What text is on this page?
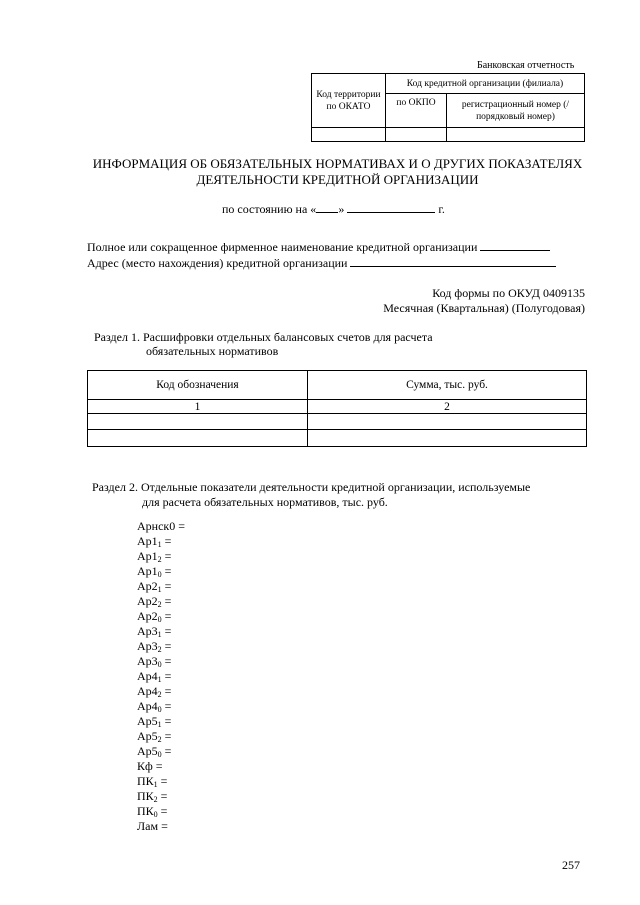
Банковская отчетность
Код территории по ОКАТО	Код кредитной организации (филиала)	
	по ОКПО	регистрационный номер (/порядковый номер)

ИНФОРМАЦИЯ ОБ ОБЯЗАТЕЛЬНЫХ НОРМАТИВАХ И О ДРУГИХ ПОКАЗАТЕЛЯХ
ДЕЯТЕЛЬНОСТИ КРЕДИТНОЙ ОРГАНИЗАЦИИ
по состоянию на « »	г.
Полное или сокращенное фирменное наименование кредитной организации
Адрес (место нахождения) кредитной организации
Код формы по ОКУД 0409135
Месячная (Квартальная) (Полугодовая)
Раздел 1. Расшифровки отдельных балансовых счетов для расчета
обязательных нормативов
Код обозначения	Сумма, тыс. руб.
1	2

Раздел 2. Отдельные показатели деятельности кредитной организации, используемые
для расчета обязательных нормативов, тыс. руб.
Арнск0 =
$Ар1_1$ =
$Ар1_2$ =
$Ар1_0$ =
$Ар2_1$ =
$Ар2_2$ =
$Ар2_0$ =
$Ар3_1$ =
$Ар3_2$ =
$Ар3_0$ =
$Ар4_1$ =
$Ар4_2$ =
$Ар4_0$ =
$Ар5_1$ =
$Ар5_2$ =
$Ар5_0$ =
Кф =
$ПК_1$ =
$ПК_2$ =
$ПК_0$ =
Лам =
257
